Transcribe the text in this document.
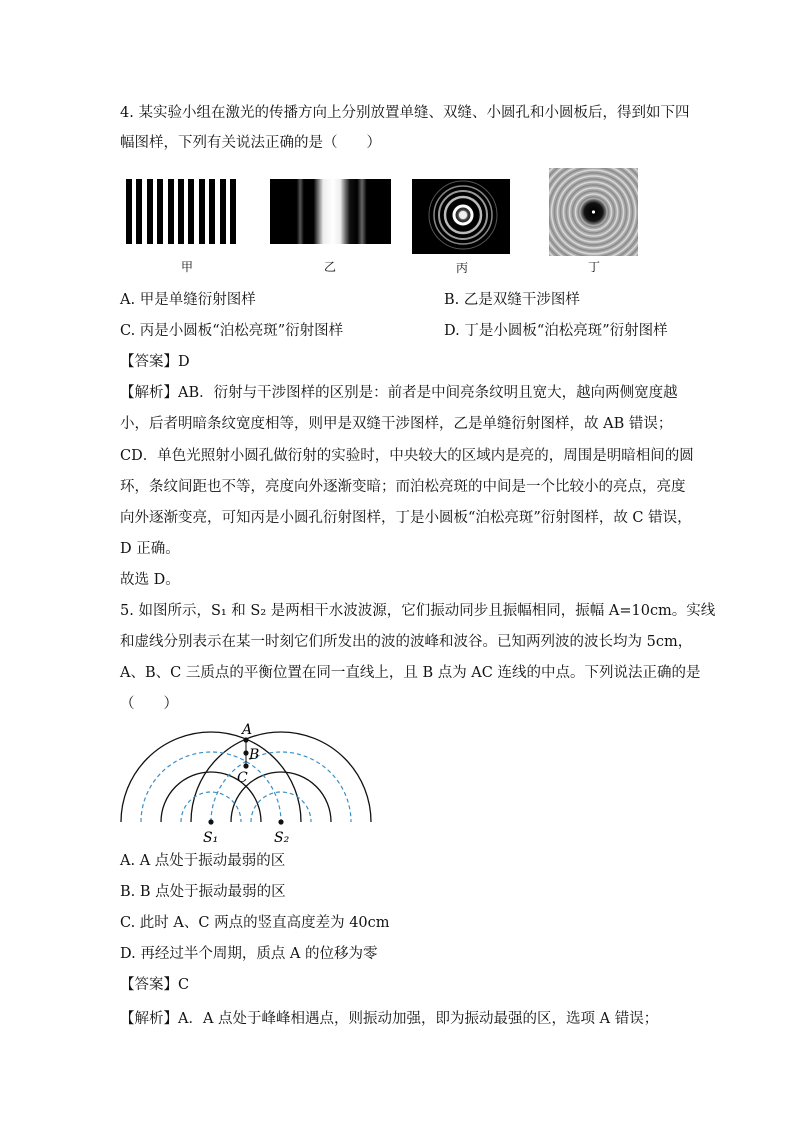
4. 某实验小组在激光的传播方向上分别放置单缝、双缝、小圆孔和小圆板后，得到如下四
幅图样，下列有关说法正确的是（　　）
甲	乙	丙	丁
A. 甲是单缝衍射图样	B. 乙是双缝干涉图样
C. 丙是小圆板“泊松亮斑”衍射图样	D. 丁是小圆板“泊松亮斑”衍射图样
【答案】D
【解析】AB．衍射与干涉图样的区别是：前者是中间亮条纹明且宽大，越向两侧宽度越
小，后者明暗条纹宽度相等，则甲是双缝干涉图样，乙是单缝衍射图样，故 AB 错误；
CD．单色光照射小圆孔做衍射的实验时，中央较大的区域内是亮的，周围是明暗相间的圆
环，条纹间距也不等，亮度向外逐渐变暗；而泊松亮斑的中间是一个比较小的亮点，亮度
向外逐渐变亮，可知丙是小圆孔衍射图样，丁是小圆板“泊松亮斑”衍射图样，故 C 错误，
D 正确。
故选 D。
5. 如图所示，S₁ 和 S₂ 是两相干水波波源，它们振动同步且振幅相同，振幅 A=10cm。实线
和虚线分别表示在某一时刻它们所发出的波的波峰和波谷。已知两列波的波长均为 5cm，
A、B、C 三质点的平衡位置在同一直线上，且 B 点为 AC 连线的中点。下列说法正确的是
（　　）
A
B
C
S₁	S₂
A. A 点处于振动最弱的区
B. B 点处于振动最弱的区
C. 此时 A、C 两点的竖直高度差为 40cm
D. 再经过半个周期，质点 A 的位移为零
【答案】C
【解析】A．A 点处于峰峰相遇点，则振动加强，即为振动最强的区，选项 A 错误；
